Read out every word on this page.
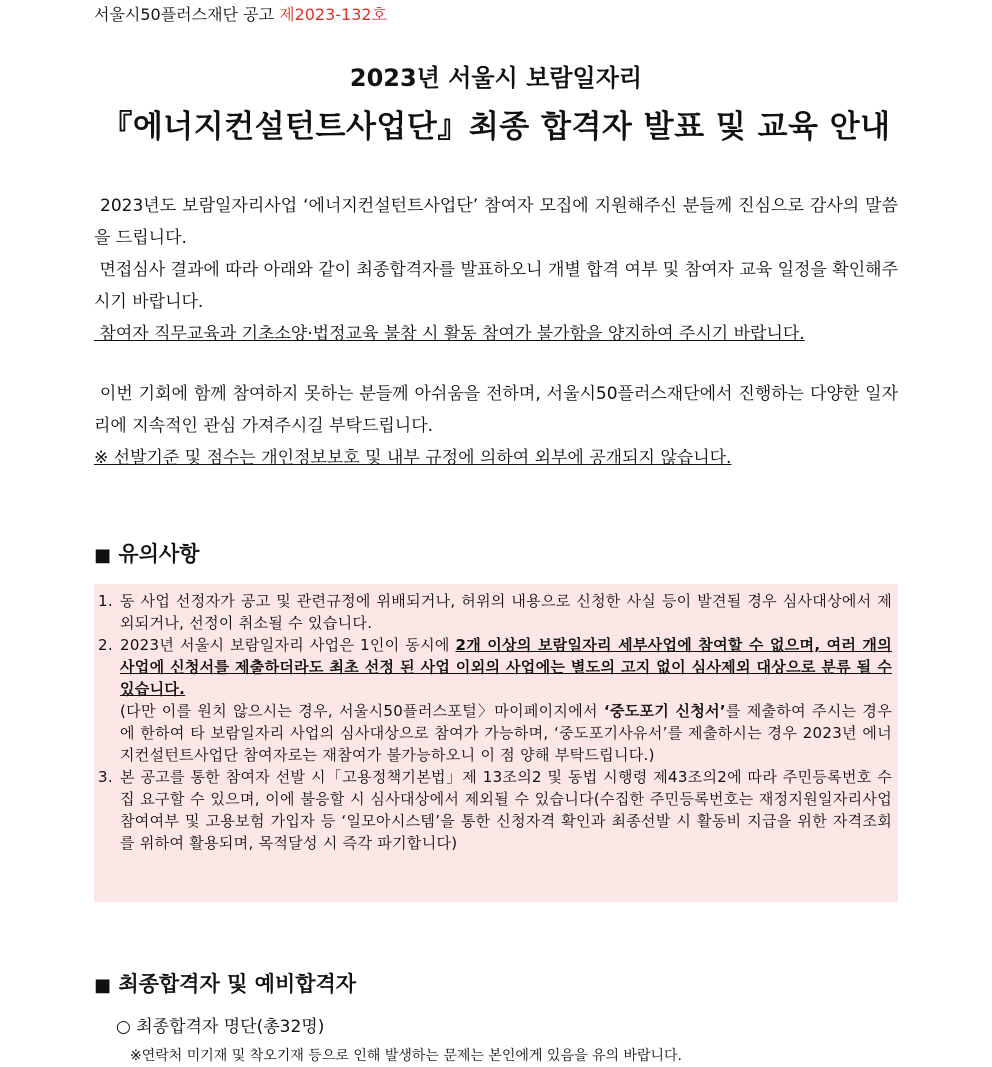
서울시50플러스재단 공고 제2023-132호
2023년 서울시 보람일자리
『에너지컨설턴트사업단』최종 합격자 발표 및 교육 안내

2023년도 보람일자리사업 ‘에너지컨설턴트사업단’ 참여자 모집에 지원해주신 분들께 진심으로 감사의 말씀을 드립니다.

면접심사 결과에 따라 아래와 같이 최종합격자를 발표하오니 개별 합격 여부 및 참여자 교육 일정을 확인해주시기 바랍니다.

참여자 직무교육과 기초소양·법정교육 불참 시 활동 참여가 불가함을 양지하여 주시기 바랍니다.

이번 기회에 함께 참여하지 못하는 분들께 아쉬움을 전하며, 서울시50플러스재단에서 진행하는 다양한 일자리에 지속적인 관심 가져주시길 부탁드립니다.

※ 선발기준 및 점수는 개인정보보호 및 내부 규정에 의하여 외부에 공개되지 않습니다.

■ 유의사항
1. 동 사업 선정자가 공고 및 관련규정에 위배되거나, 허위의 내용으로 신청한 사실 등이 발견될 경우 심사대상에서 제외되거나, 선정이 취소될 수 있습니다.
2. 2023년 서울시 보람일자리 사업은 1인이 동시에 2개 이상의 보람일자리 세부사업에 참여할 수 없으며, 여러 개의 사업에 신청서를 제출하더라도 최초 선정 된 사업 이외의 사업에는 별도의 고지 없이 심사제외 대상으로 분류 될 수 있습니다.
(다만 이를 원치 않으시는 경우, 서울시50플러스포털〉마이페이지에서 ‘중도포기 신청서’를 제출하여 주시는 경우에 한하여 타 보람일자리 사업의 심사대상으로 참여가 가능하며, ‘중도포기사유서’를 제출하시는 경우 2023년 에너지컨설턴트사업단 참여자로는 재참여가 불가능하오니 이 점 양해 부탁드립니다.)
3. 본 공고를 통한 참여자 선발 시「고용정책기본법」제 13조의2 및 동법 시행령 제43조의2에 따라 주민등록번호 수집 요구할 수 있으며, 이에 불응할 시 심사대상에서 제외될 수 있습니다(수집한 주민등록번호는 재정지원일자리사업 참여여부 및 고용보험 가입자 등 ‘일모아시스템’을 통한 신청자격 확인과 최종선발 시 활동비 지급을 위한 자격조회를 위하여 활용되며, 목적달성 시 즉각 파기합니다)
■ 최종합격자 및 예비합격자
○ 최종합격자 명단(총32명)
※연락처 미기재 및 착오기재 등으로 인해 발생하는 문제는 본인에게 있음을 유의 바랍니다.
